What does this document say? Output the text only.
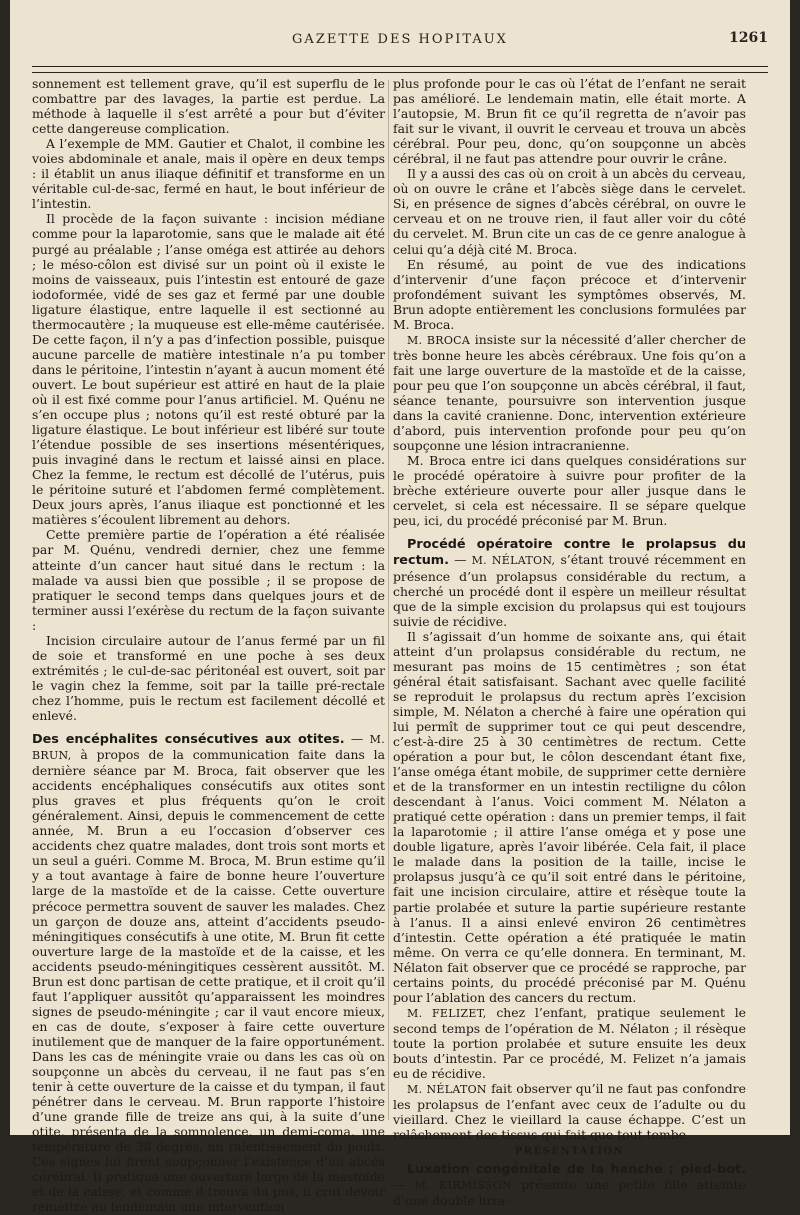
GAZETTE DES HOPITAUX	1261

sonnement est tellement grave, qu’il est superflu de le combattre par des lavages, la partie est perdue. La méthode à laquelle il s’est arrêté a pour but d’éviter cette dangereuse complication.

A l’exemple de MM. Gautier et Chalot, il combine les voies abdominale et anale, mais il opère en deux temps : il établit un anus iliaque définitif et transforme en un véritable cul-de-sac, fermé en haut, le bout inférieur de l’intestin.

Il procède de la façon suivante : incision médiane comme pour la laparotomie, sans que le malade ait été purgé au préalable ; l’anse oméga est attirée au dehors ; le méso-côlon est divisé sur un point où il existe le moins de vaisseaux, puis l’intestin est entouré de gaze iodoformée, vidé de ses gaz et fermé par une double ligature élastique, entre laquelle il est sectionné au thermocautère ; la muqueuse est elle-même cautérisée. De cette façon, il n’y a pas d’infection possible, puisque aucune parcelle de matière intestinale n’a pu tomber dans le péritoine, l’intestin n’ayant à aucun moment été ouvert. Le bout supérieur est attiré en haut de la plaie où il est fixé comme pour l’anus artificiel. M. Quénu ne s’en occupe plus ; notons qu’il est resté obturé par la ligature élastique. Le bout inférieur est libéré sur toute l’étendue possible de ses insertions mésentériques, puis invaginé dans le rectum et laissé ainsi en place. Chez la femme, le rectum est décollé de l’utérus, puis le péritoine suturé et l’abdomen fermé complètement. Deux jours après, l’anus iliaque est ponctionné et les matières s’écoulent librement au dehors.

Cette première partie de l’opération a été réalisée par M. Quénu, vendredi dernier, chez une femme atteinte d’un cancer haut situé dans le rectum : la malade va aussi bien que possible ; il se propose de pratiquer le second temps dans quelques jours et de terminer aussi l’exérèse du rectum de la façon suivante :

Incision circulaire autour de l’anus fermé par un fil de soie et transformé en une poche à ses deux extrémités ; le cul-de-sac péritonéal est ouvert, soit par le vagin chez la femme, soit par la taille pré-rectale chez l’homme, puis le rectum est facilement décollé et enlevé.

Des encéphalites consécutives aux otites. — M. BRUN, à propos de la communication faite dans la dernière séance par M. Broca, fait observer que les accidents encéphaliques consécutifs aux otites sont plus graves et plus fréquents qu’on le croit généralement. Ainsi, depuis le commencement de cette année, M. Brun a eu l’occasion d’observer ces accidents chez quatre malades, dont trois sont morts et un seul a guéri. Comme M. Broca, M. Brun estime qu’il y a tout avantage à faire de bonne heure l’ouverture large de la mastoïde et de la caisse. Cette ouverture précoce permettra souvent de sauver les malades. Chez un garçon de douze ans, atteint d’accidents pseudo-méningitiques consécutifs à une otite, M. Brun fit cette ouverture large de la mastoïde et de la caisse, et les accidents pseudo-méningitiques cessèrent aussitôt. M. Brun est donc partisan de cette pratique, et il croit qu’il faut l’appliquer aussitôt qu’apparaissent les moindres signes de pseudo-méningite ; car il vaut encore mieux, en cas de doute, s’exposer à faire cette ouverture inutilement que de manquer de la faire opportunément. Dans les cas de méningite vraie ou dans les cas où on soupçonne un abcès du cerveau, il ne faut pas s’en tenir à cette ouverture de la caisse et du tympan, il faut pénétrer dans le cerveau. M. Brun rapporte l’histoire d’une grande fille de treize ans qui, à la suite d’une otite, présenta de la somnolence, un demi-coma, une température de 38 degrés, un ralentissement du pouls. Ces signes lui firent soupçonner l’existence d’un abcès cérébral. Il pratiqua une ouverture large de la mastoïde et de la caisse, et comme il trouva du pus, il crut devoir remettre au lendemain une intervention

plus profonde pour le cas où l’état de l’enfant ne serait pas amélioré. Le lendemain matin, elle était morte. A l’autopsie, M. Brun fit ce qu’il regretta de n’avoir pas fait sur le vivant, il ouvrit le cerveau et trouva un abcès cérébral. Pour peu, donc, qu’on soupçonne un abcès cérébral, il ne faut pas attendre pour ouvrir le crâne.

Il y a aussi des cas où on croit à un abcès du cerveau, où on ouvre le crâne et l’abcès siège dans le cervelet. Si, en présence de signes d’abcès cérébral, on ouvre le cerveau et on ne trouve rien, il faut aller voir du côté du cervelet. M. Brun cite un cas de ce genre analogue à celui qu’a déjà cité M. Broca.

En résumé, au point de vue des indications d’intervenir d’une façon précoce et d’intervenir profondément suivant les symptômes observés, M. Brun adopte entièrement les conclusions formulées par M. Broca.

M. BROCA insiste sur la nécessité d’aller chercher de très bonne heure les abcès cérébraux. Une fois qu’on a fait une large ouverture de la mastoïde et de la caisse, pour peu que l’on soupçonne un abcès cérébral, il faut, séance tenante, poursuivre son intervention jusque dans la cavité cranienne. Donc, intervention extérieure d’abord, puis intervention profonde pour peu qu’on soupçonne une lésion intracranienne.

M. Broca entre ici dans quelques considérations sur le procédé opératoire à suivre pour profiter de la brèche extérieure ouverte pour aller jusque dans le cervelet, si cela est nécessaire. Il se sépare quelque peu, ici, du procédé préconisé par M. Brun.

Procédé opératoire contre le prolapsus du rectum. — M. NÉLATON, s’étant trouvé récemment en présence d’un prolapsus considérable du rectum, a cherché un procédé dont il espère un meilleur résultat que de la simple excision du prolapsus qui est toujours suivie de récidive.

Il s’agissait d’un homme de soixante ans, qui était atteint d’un prolapsus considérable du rectum, ne mesurant pas moins de 15 centimètres ; son état général était satisfaisant. Sachant avec quelle facilité se reproduit le prolapsus du rectum après l’excision simple, M. Nélaton a cherché à faire une opération qui lui permît de supprimer tout ce qui peut descendre, c’est-à-dire 25 à 30 centimètres de rectum. Cette opération a pour but, le côlon descendant étant fixe, l’anse oméga étant mobile, de supprimer cette dernière et de la transformer en un intestin rectiligne du côlon descendant à l’anus. Voici comment M. Nélaton a pratiqué cette opération : dans un premier temps, il fait la laparotomie ; il attire l’anse oméga et y pose une double ligature, après l’avoir libérée. Cela fait, il place le malade dans la position de la taille, incise le prolapsus jusqu’à ce qu’il soit entré dans le péritoine, fait une incision circulaire, attire et résèque toute la partie prolabée et suture la partie supérieure restante à l’anus. Il a ainsi enlevé environ 26 centimètres d’intestin. Cette opération a été pratiquée le matin même. On verra ce qu’elle donnera. En terminant, M. Nélaton fait observer que ce procédé se rapproche, par certains points, du procédé préconisé par M. Quénu pour l’ablation des cancers du rectum.

M. FELIZET, chez l’enfant, pratique seulement le second temps de l’opération de M. Nélaton ; il résèque toute la portion prolabée et suture ensuite les deux bouts d’intestin. Par ce procédé, M. Felizet n’a jamais eu de récidive.

M. NÉLATON fait observer qu’il ne faut pas confondre les prolapsus de l’enfant avec ceux de l’adulte ou du vieillard. Chez le vieillard la cause échappe. C’est un relâchement des tissus qui fait que tout tombe.

PRÉSENTATION

Luxation congénitale de la hanche ; pied-bot. — M. KIRMISSON présente une petite fille atteinte d’une double luxa-
